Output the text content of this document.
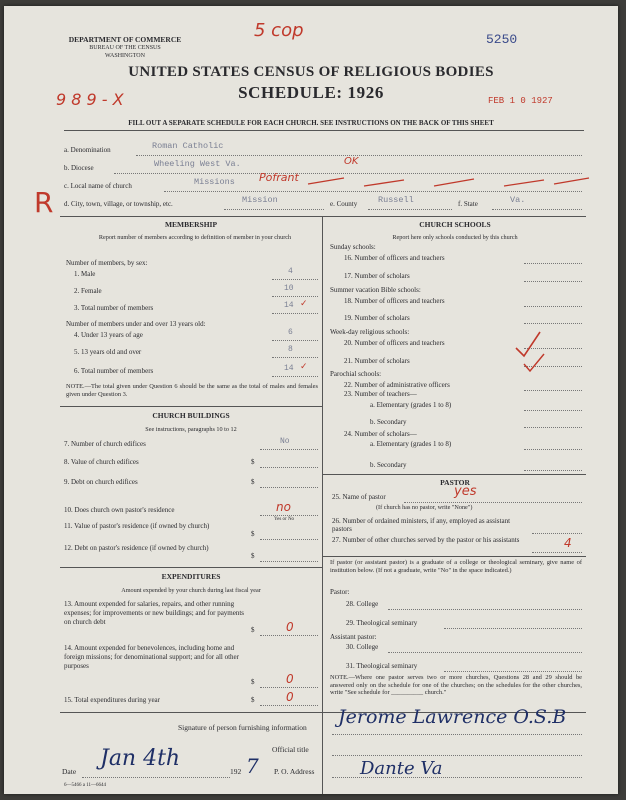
DEPARTMENT OF COMMERCE
BUREAU OF THE CENSUS
WASHINGTON
5250
5 cop
UNITED STATES CENSUS OF RELIGIOUS BODIES
SCHEDULE: 1926
9 8 9 - X	FEB 1 0 1927
FILL OUT A SEPARATE SCHEDULE FOR EACH CHURCH. SEE INSTRUCTIONS ON THE BACK OF THIS SHEET
R
a. Denomination	Roman Catholic
b. Diocese	Wheeling West Va.	OK
c. Local name of church	Missions Pofrant
d. City, town, village, or township, etc.	Mission	e. County Russell	f. State	Va.
MEMBERSHIP
Report number of members according to definition of member in your church
Number of members, by sex:
1. Male	4
2. Female	10
3. Total number of members	14 ✓
Number of members under and over 13 years old:
4. Under 13 years of age	6
5. 13 years old and over	8
6. Total number of members	14 ✓
NOTE.—The total given under Question 6 should be the same as the total of males and females given under Question 3.
CHURCH BUILDINGS
See instructions, paragraphs 10 to 12
7. Number of church edifices	No
8. Value of church edifices	$
9. Debt on church edifices	$
10. Does church own pastor's residence	no
Yes or No
11. Value of pastor's residence (if owned by church)
$
12. Debt on pastor's residence (if owned by church)
$
EXPENDITURES
Amount expended by your church during last fiscal year
13. Amount expended for salaries, repairs, and other running expenses; for improvements or new buildings; and for payments on church debt
$	0
14. Amount expended for benevolences, including home and foreign missions; for denominational support; and for all other purposes
$	0
15. Total expenditures during year	$	0
CHURCH SCHOOLS
Report here only schools conducted by this church
Sunday schools:
16. Number of officers and teachers
17. Number of scholars
Summer vacation Bible schools:
18. Number of officers and teachers
19. Number of scholars
Week-day religious schools:
20. Number of officers and teachers
21. Number of scholars
Parochial schools:
22. Number of administrative officers
23. Number of teachers—
a. Elementary (grades 1 to 8)
b. Secondary
24. Number of scholars—
a. Elementary (grades 1 to 8)
b. Secondary
PASTOR
25. Name of pastor	yes
(If church has no pastor, write "None")
26. Number of ordained ministers, if any, employed as assistant pastors
27. Number of other churches served by the pastor or his assistants	4
If pastor (or assistant pastor) is a graduate of a college or theological seminary, give name of institution below. (If not a graduate, write "No" in the space indicated.)
Pastor:
28. College
29. Theological seminary
Assistant pastor:
30. College
31. Theological seminary
NOTE.—Where one pastor serves two or more churches, Questions 28 and 29 should be answered only on the schedule for one of the churches; on the schedules for the other churches, write "See schedule for __________ church."
Signature of person furnishing information Jerome Lawrence O.S.B
Official title
Date
Jan 4th
192 7 P. O. Address	Dante Va
6—5466 a 11—6644
